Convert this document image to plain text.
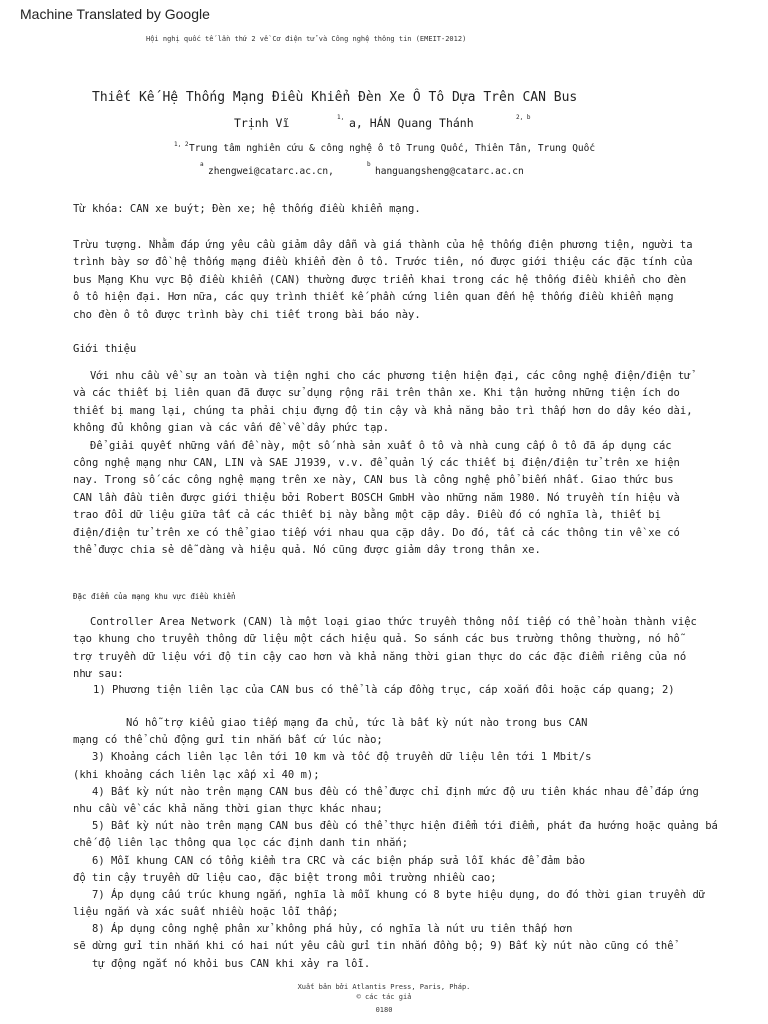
Machine Translated by Google
Hội nghị quốc tế lần thứ 2 về Cơ điện tử và Công nghệ thông tin (EMEIT-2012)
Thiết Kế Hệ Thống Mạng Điều Khiển Đèn Xe Ô Tô Dựa Trên CAN Bus
Trịnh Vĩ	1, a, HÁN Quang Thánh	2, b
1, 2 Trung tâm nghiên cứu & công nghệ ô tô Trung Quốc, Thiên Tân, Trung Quốc
a
zhengwei@catarc.ac.cn,
b
hanguangsheng@catarc.ac.cn
Từ khóa: CAN xe buýt; Đèn xe; hệ thống điều khiển mạng.

Trừu tượng. Nhằm đáp ứng yêu cầu giảm dây dẫn và giá thành của hệ thống điện phương tiện, người ta trình bày sơ đồ hệ thống mạng điều khiển đèn ô tô. Trước tiên, nó được giới thiệu các đặc tính của bus Mạng Khu vực Bộ điều khiển (CAN) thường được triển khai trong các hệ thống điều khiển cho đèn ô tô hiện đại. Hơn nữa, các quy trình thiết kế phần cứng liên quan đến hệ thống điều khiển mạng cho đèn ô tô được trình bày chi tiết trong bài báo này.

Giới thiệu

Với nhu cầu về sự an toàn và tiện nghi cho các phương tiện hiện đại, các công nghệ điện/điện tử và các thiết bị liên quan đã được sử dụng rộng rãi trên thân xe. Khi tận hưởng những tiện ích do thiết bị mang lại, chúng ta phải chịu đựng độ tin cậy và khả năng bảo trì thấp hơn do dây kéo dài, không đủ không gian và các vấn đề về dây phức tạp.

Để giải quyết những vấn đề này, một số nhà sản xuất ô tô và nhà cung cấp ô tô đã áp dụng các công nghệ mạng như CAN, LIN và SAE J1939, v.v. để quản lý các thiết bị điện/điện tử trên xe hiện nay. Trong số các công nghệ mạng trên xe này, CAN bus là công nghệ phổ biến nhất. Giao thức bus CAN lần đầu tiên được giới thiệu bởi Robert BOSCH GmbH vào những năm 1980. Nó truyền tín hiệu và trao đổi dữ liệu giữa tất cả các thiết bị này bằng một cặp dây. Điều đó có nghĩa là, thiết bị điện/điện tử trên xe có thể giao tiếp với nhau qua cặp dây. Do đó, tất cả các thông tin về xe có thể được chia sẻ dễ dàng và hiệu quả. Nó cũng được giảm dây trong thân xe.

Đặc điểm của mạng khu vực điều khiển

Controller Area Network (CAN) là một loại giao thức truyền thông nối tiếp có thể hoàn thành việc tạo khung cho truyền thông dữ liệu một cách hiệu quả. So sánh các bus trường thông thường, nó hỗ trợ truyền dữ liệu với độ tin cậy cao hơn và khả năng thời gian thực do các đặc điểm riêng của nó như sau:

1) Phương tiện liên lạc của CAN bus có thể là cáp đồng trục, cáp xoắn đôi hoặc cáp quang; 2)
Nó hỗ trợ kiểu giao tiếp mạng đa chủ, tức là bất kỳ nút nào trong bus CAN
mạng có thể chủ động gửi tin nhắn bất cứ lúc nào;
3) Khoảng cách liên lạc lên tới 10 km và tốc độ truyền dữ liệu lên tới 1 Mbit/s
(khi khoảng cách liên lạc xấp xỉ 40 m);
4) Bất kỳ nút nào trên mạng CAN bus đều có thể được chỉ định mức độ ưu tiên khác nhau để đáp ứng
nhu cầu về các khả năng thời gian thực khác nhau;
5) Bất kỳ nút nào trên mạng CAN bus đều có thể thực hiện điểm tới điểm, phát đa hướng hoặc quảng bá
chế độ liên lạc thông qua lọc các định danh tin nhắn;
6) Mỗi khung CAN có tổng kiểm tra CRC và các biện pháp sửa lỗi khác để đảm bảo
độ tin cậy truyền dữ liệu cao, đặc biệt trong môi trường nhiều cao;
7) Áp dụng cấu trúc khung ngắn, nghĩa là mỗi khung có 8 byte hiệu dụng, do đó thời gian truyền dữ
liệu ngắn và xác suất nhiều hoặc lỗi thấp;
8) Áp dụng công nghệ phân xử không phá hủy, có nghĩa là nút ưu tiên thấp hơn
sẽ dừng gửi tin nhắn khi có hai nút yêu cầu gửi tin nhắn đồng bộ; 9) Bất kỳ nút nào cũng có thể
tự động ngắt nó khỏi bus CAN khi xảy ra lỗi.
Xuất bản bởi Atlantis Press, Paris, Pháp.
© các tác giả
0180
